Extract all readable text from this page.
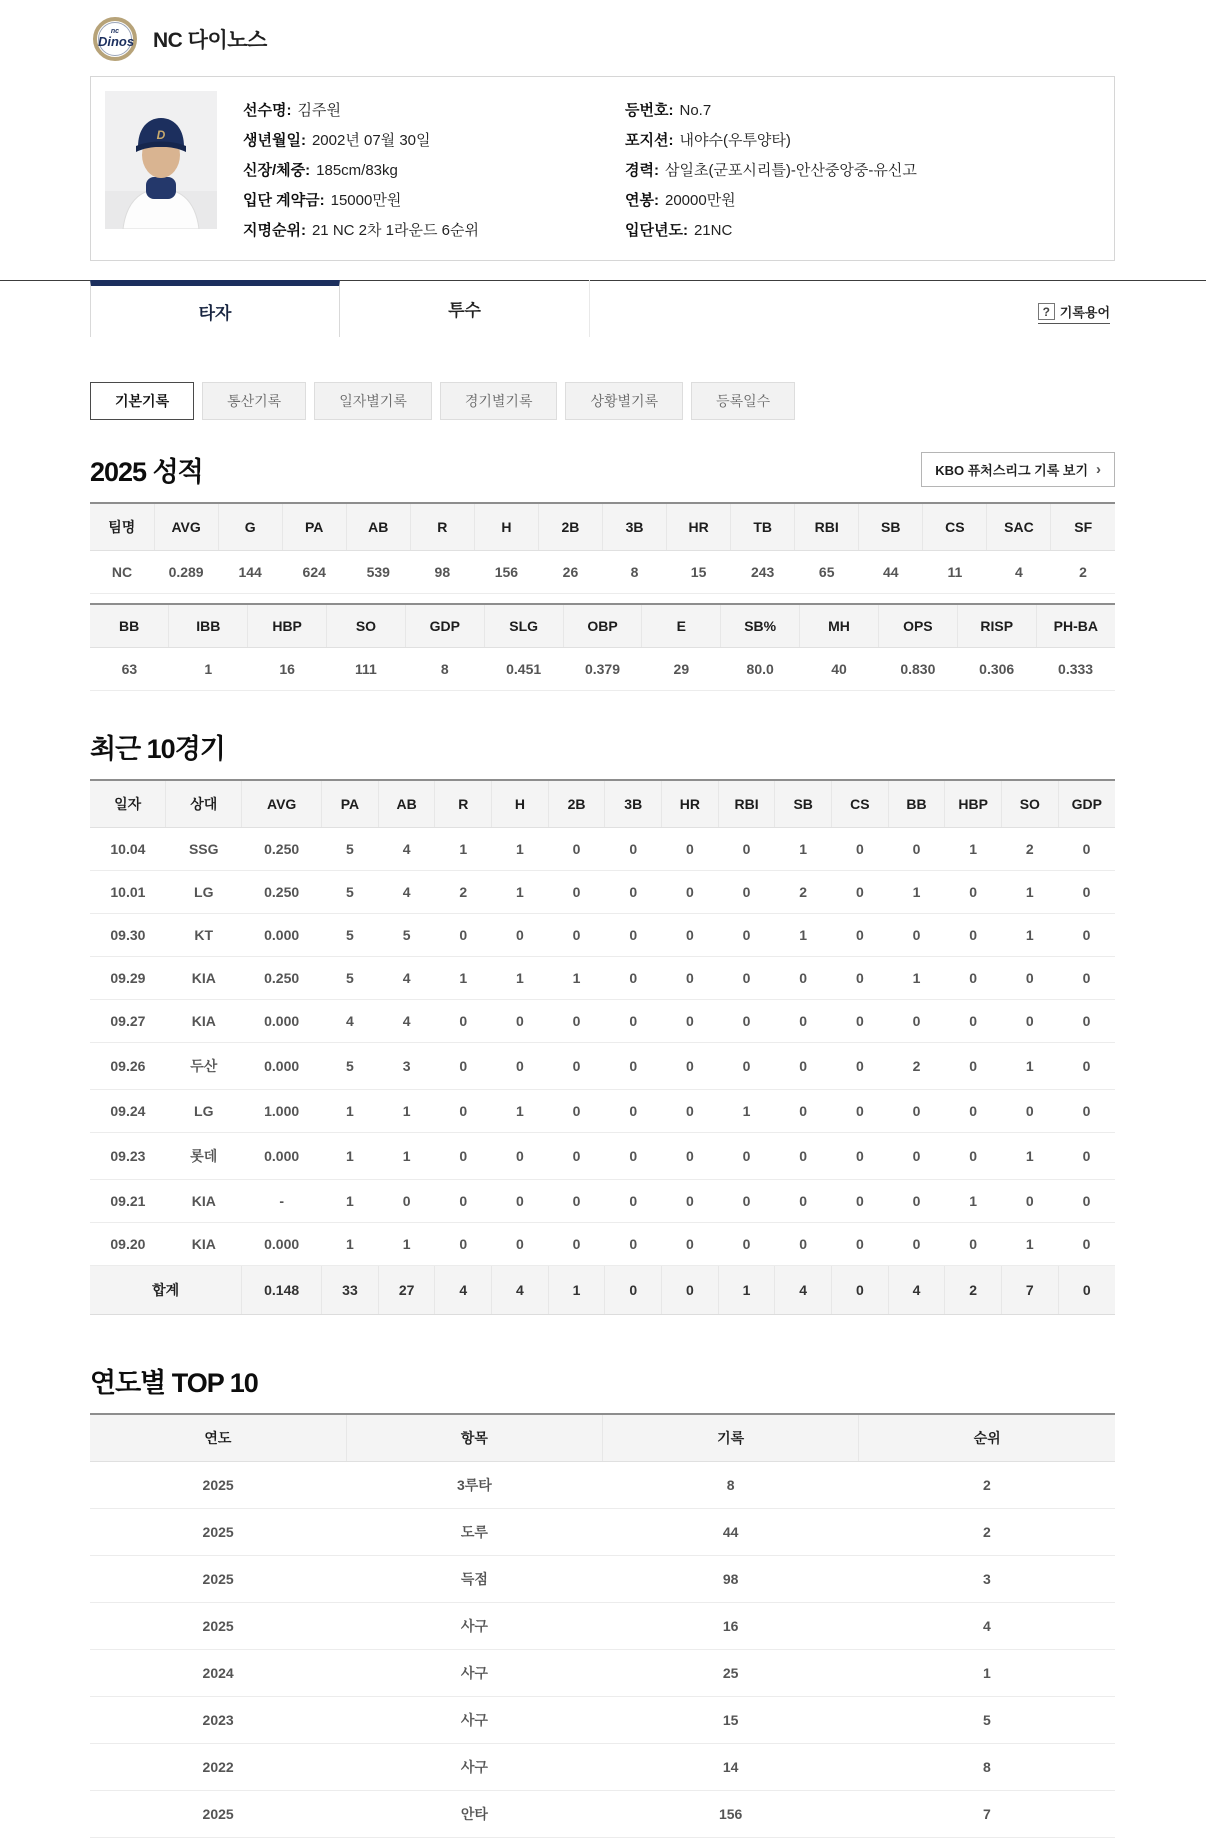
nc
Dinos NC 다이노스
D
선수명 : 김주원
생년월일 : 2002년 07월 30일
신장/체중 : 185cm/83kg
입단 계약금 : 15000만원
지명순위 : 21 NC 2차 1라운드 6순위
등번호 : No.7
포지션 : 내야수(우투양타)
경력 : 삼일초(군포시리틀)-안산중앙중-유신고
연봉 : 20000만원
입단년도 : 21NC
타자	투수	? 기록용어
기본기록	통산기록	일자별기록	경기별기록	상황별기록	등록일수
2025 성적	KBO 퓨처스리그 기록 보기 ›
팀명	AVG	G	PA	AB	R	H	2B	3B	HR	TB	RBI	SB	CS	SAC	SF
NC	0.289	144	624	539	98	156	26	8	15	243	65	44	11	4	2
BB	IBB	HBP	SO	GDP	SLG	OBP	E	SB%	MH	OPS	RISP	PH-BA
63	1	16	111	8	0.451	0.379	29	80.0	40	0.830	0.306	0.333
최근 10경기
일자	상대	AVG	PA	AB	R	H	2B	3B	HR	RBI	SB	CS	BB	HBP	SO	GDP
10.04	SSG	0.250	5	4	1	1	0	0	0	0	1	0	0	1	2	0
10.01	LG	0.250	5	4	2	1	0	0	0	0	2	0	1	0	1	0
09.30	KT	0.000	5	5	0	0	0	0	0	0	1	0	0	0	1	0
09.29	KIA	0.250	5	4	1	1	1	0	0	0	0	0	1	0	0	0
09.27	KIA	0.000	4	4	0	0	0	0	0	0	0	0	0	0	0	0
09.26	두산	0.000	5	3	0	0	0	0	0	0	0	0	2	0	1	0
09.24	LG	1.000	1	1	0	1	0	0	0	1	0	0	0	0	0	0
09.23	롯데	0.000	1	1	0	0	0	0	0	0	0	0	0	0	1	0
09.21	KIA	-	1	0	0	0	0	0	0	0	0	0	0	1	0	0
09.20	KIA	0.000	1	1	0	0	0	0	0	0	0	0	0	0	1	0
합계		0.148	33	27	4	4	1	0	0	1	4	0	4	2	7	0
연도별 TOP 10
연도	항목	기록	순위
2025	3루타	8	2
2025	도루	44	2
2025	득점	98	3
2025	사구	16	4
2024	사구	25	1
2023	사구	15	5
2022	사구	14	8
2025	안타	156	7
